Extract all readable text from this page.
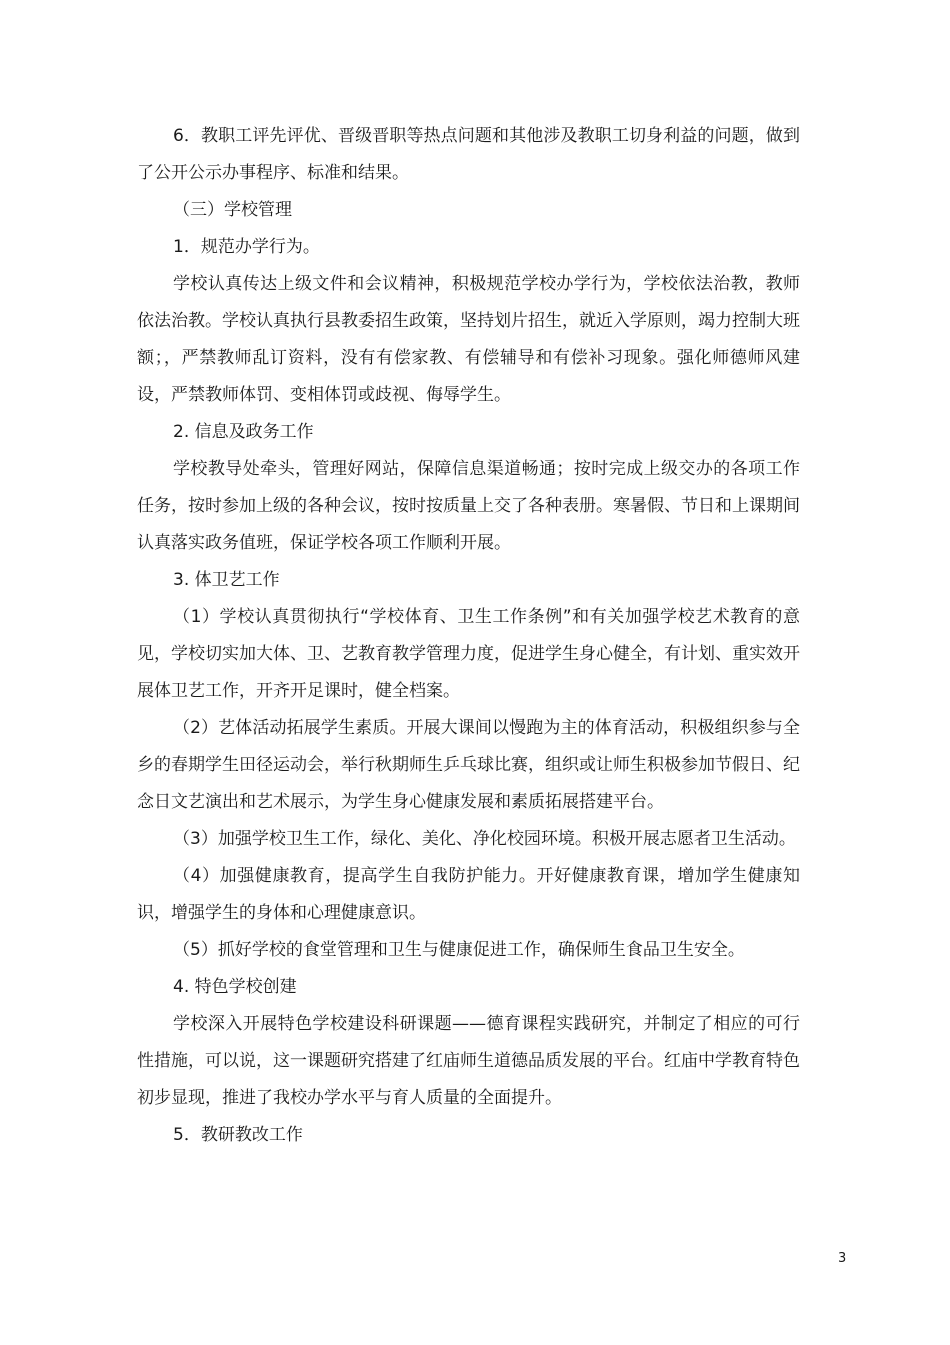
6．教职工评先评优、晋级晋职等热点问题和其他涉及教职工切身利益的问题，做到了公开公示办事程序、标准和结果。

（三）学校管理

1．规范办学行为。

学校认真传达上级文件和会议精神，积极规范学校办学行为，学校依法治教，教师依法治教。学校认真执行县教委招生政策，坚持划片招生，就近入学原则，竭力控制大班额；，严禁教师乱订资料，没有有偿家教、有偿辅导和有偿补习现象。强化师德师风建设，严禁教师体罚、变相体罚或歧视、侮辱学生。

2. 信息及政务工作

学校教导处牵头，管理好网站，保障信息渠道畅通；按时完成上级交办的各项工作任务，按时参加上级的各种会议，按时按质量上交了各种表册。寒暑假、节日和上课期间认真落实政务值班，保证学校各项工作顺利开展。

3. 体卫艺工作

（1）学校认真贯彻执行“学校体育、卫生工作条例”和有关加强学校艺术教育的意见，学校切实加大体、卫、艺教育教学管理力度，促进学生身心健全，有计划、重实效开展体卫艺工作，开齐开足课时，健全档案。

（2）艺体活动拓展学生素质。开展大课间以慢跑为主的体育活动，积极组织参与全乡的春期学生田径运动会，举行秋期师生乒乓球比赛，组织或让师生积极参加节假日、纪念日文艺演出和艺术展示，为学生身心健康发展和素质拓展搭建平台。

（3）加强学校卫生工作，绿化、美化、净化校园环境。积极开展志愿者卫生活动。

（4）加强健康教育，提高学生自我防护能力。开好健康教育课，增加学生健康知识，增强学生的身体和心理健康意识。

（5）抓好学校的食堂管理和卫生与健康促进工作，确保师生食品卫生安全。

4. 特色学校创建

学校深入开展特色学校建设科研课题——德育课程实践研究，并制定了相应的可行性措施，可以说，这一课题研究搭建了红庙师生道德品质发展的平台。红庙中学教育特色初步显现，推进了我校办学水平与育人质量的全面提升。

5．教研教改工作

3
